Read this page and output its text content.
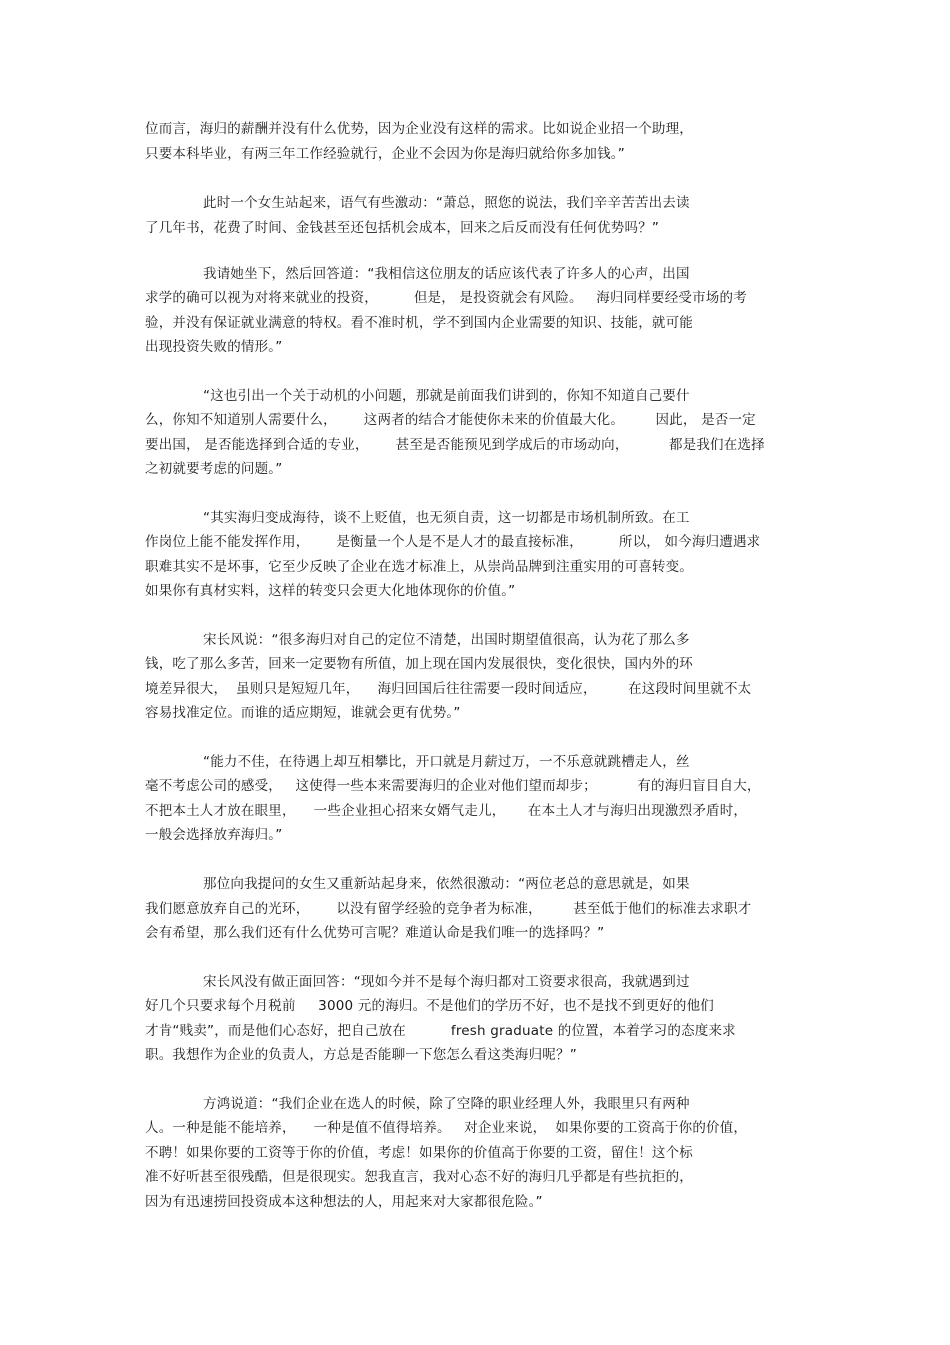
位而言，海归的薪酬并没有什么优势，因为企业没有这样的需求。比如说企业招一个助理，
只要本科毕业，有两三年工作经验就行，企业不会因为你是海归就给你多加钱。”
此时一个女生站起来，语气有些激动：“萧总，照您的说法，我们辛辛苦苦出去读
了几年书，花费了时间、金钱甚至还包括机会成本，回来之后反而没有任何优势吗？”
我请她坐下，然后回答道：“我相信这位朋友的话应该代表了许多人的心声，出国
求学的确可以视为对将来就业的投资，        但是， 是投资就会有风险。   海归同样要经受市场的考
验，并没有保证就业满意的特权。看不准时机，学不到国内企业需要的知识、技能，就可能
出现投资失败的情形。”
“这也引出一个关于动机的小问题，那就是前面我们讲到的，你知不知道自己要什
么，你知不知道别人需要什么，      这两者的结合才能使你未来的价值最大化。       因此， 是否一定
要出国， 是否能选择到合适的专业，      甚至是否能预见到学成后的市场动向，         都是我们在选择
之初就要考虑的问题。”
“其实海归变成海待，谈不上贬值，也无须自责，这一切都是市场机制所致。在工
作岗位上能不能发挥作用，      是衡量一个人是不是人才的最直接标准，        所以， 如今海归遭遇求
职难其实不是坏事，它至少反映了企业在选才标准上，从崇尚品牌到注重实用的可喜转变。
如果你有真材实料，这样的转变只会更大化地体现你的价值。”
宋长风说：“很多海归对自己的定位不清楚，出国时期望值很高，认为花了那么多
钱，吃了那么多苦，回来一定要物有所值，加上现在国内发展很快，变化很快，国内外的环
境差异很大，  虽则只是短短几年，    海归回国后往往需要一段时间适应，       在这段时间里就不太
容易找准定位。而谁的适应期短，谁就会更有优势。”
“能力不佳，在待遇上却互相攀比，开口就是月薪过万，一不乐意就跳槽走人，丝
毫不考虑公司的感受，   这使得一些本来需要海归的企业对他们望而却步；         有的海归盲目自大，
不把本土人才放在眼里，    一些企业担心招来女婿气走儿，     在本土人才与海归出现激烈矛盾时，
一般会选择放弃海归。”
那位向我提问的女生又重新站起身来，依然很激动：“两位老总的意思就是，如果
我们愿意放弃自己的光环，      以没有留学经验的竞争者为标准，       甚至低于他们的标准去求职才
会有希望，那么我们还有什么优势可言呢？难道认命是我们唯一的选择吗？”
宋长风没有做正面回答：“现如今并不是每个海归都对工资要求很高，我就遇到过
好几个只要求每个月税前     3000 元的海归。不是他们的学历不好，也不是找不到更好的他们
才肯“贱卖”，而是他们心态好，把自己放在          fresh graduate 的位置，本着学习的态度来求
职。我想作为企业的负责人，方总是否能聊一下您怎么看这类海归呢？”
方鸿说道：“我们企业在选人的时候，除了空降的职业经理人外，我眼里只有两种
人。一种是能不能培养，    一种是值不值得培养。   对企业来说，  如果你要的工资高于你的价值，
不聘！如果你要的工资等于你的价值，考虑！如果你的价值高于你要的工资，留住！这个标
准不好听甚至很残酷，但是很现实。恕我直言，我对心态不好的海归几乎都是有些抗拒的，
因为有迅速捞回投资成本这种想法的人，用起来对大家都很危险。”
